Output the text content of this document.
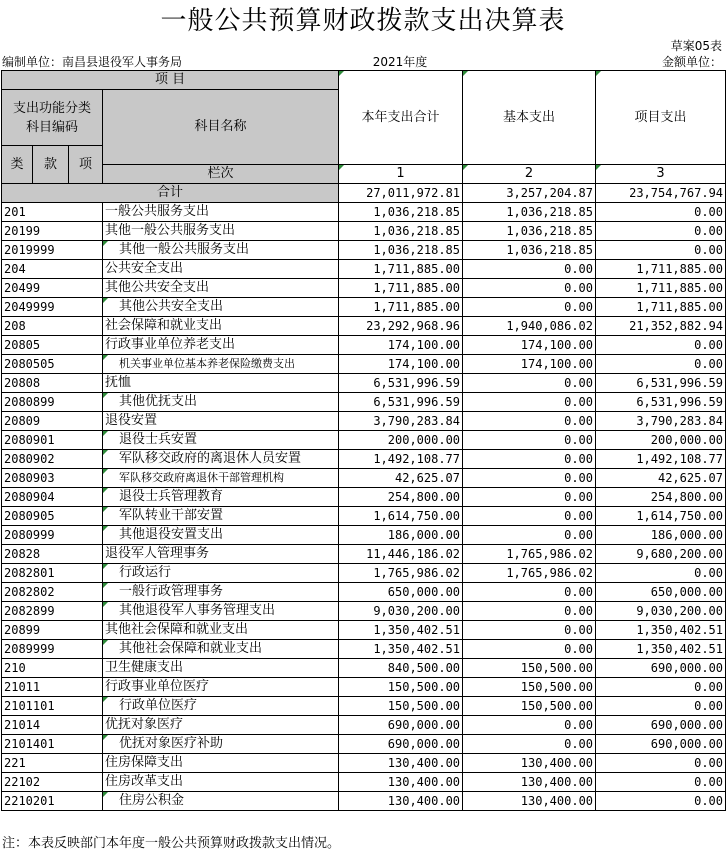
一般公共预算财政拨款支出决算表
草案05表
编制单位：南昌县退役军人事务局	2021年度	金额单位：
项 目				本年支出合计	基本支出	项目支出

支出功能分类
科目编码			科目名称			
类	款	项				
			栏次	1	2	3
合计				27,011,972.81	3,257,204.87	23,754,767.94
201			一般公共服务支出	1,036,218.85	1,036,218.85	0.00
20199			其他一般公共服务支出	1,036,218.85	1,036,218.85	0.00
2019999			其他一般公共服务支出	1,036,218.85	1,036,218.85	0.00
204			公共安全支出	1,711,885.00	0.00	1,711,885.00
20499			其他公共安全支出	1,711,885.00	0.00	1,711,885.00
2049999			其他公共安全支出	1,711,885.00	0.00	1,711,885.00
208			社会保障和就业支出	23,292,968.96	1,940,086.02	21,352,882.94
20805			行政事业单位养老支出	174,100.00	174,100.00	0.00
2080505			机关事业单位基本养老保险缴费支出	174,100.00	174,100.00	0.00
20808			抚恤	6,531,996.59	0.00	6,531,996.59
2080899			其他优抚支出	6,531,996.59	0.00	6,531,996.59
20809			退役安置	3,790,283.84	0.00	3,790,283.84
2080901			退役士兵安置	200,000.00	0.00	200,000.00
2080902			军队移交政府的离退休人员安置	1,492,108.77	0.00	1,492,108.77
2080903			军队移交政府离退休干部管理机构	42,625.07	0.00	42,625.07
2080904			退役士兵管理教育	254,800.00	0.00	254,800.00
2080905			军队转业干部安置	1,614,750.00	0.00	1,614,750.00
2080999			其他退役安置支出	186,000.00	0.00	186,000.00
20828			退役军人管理事务	11,446,186.02	1,765,986.02	9,680,200.00
2082801			行政运行	1,765,986.02	1,765,986.02	0.00
2082802			一般行政管理事务	650,000.00	0.00	650,000.00
2082899			其他退役军人事务管理支出	9,030,200.00	0.00	9,030,200.00
20899			其他社会保障和就业支出	1,350,402.51	0.00	1,350,402.51
2089999			其他社会保障和就业支出	1,350,402.51	0.00	1,350,402.51
210			卫生健康支出	840,500.00	150,500.00	690,000.00
21011			行政事业单位医疗	150,500.00	150,500.00	0.00
2101101			行政单位医疗	150,500.00	150,500.00	0.00
21014			优抚对象医疗	690,000.00	0.00	690,000.00
2101401			优抚对象医疗补助	690,000.00	0.00	690,000.00
221			住房保障支出	130,400.00	130,400.00	0.00
22102			住房改革支出	130,400.00	130,400.00	0.00
2210201			住房公积金	130,400.00	130,400.00	0.00
注：本表反映部门本年度一般公共预算财政拨款支出情况。
